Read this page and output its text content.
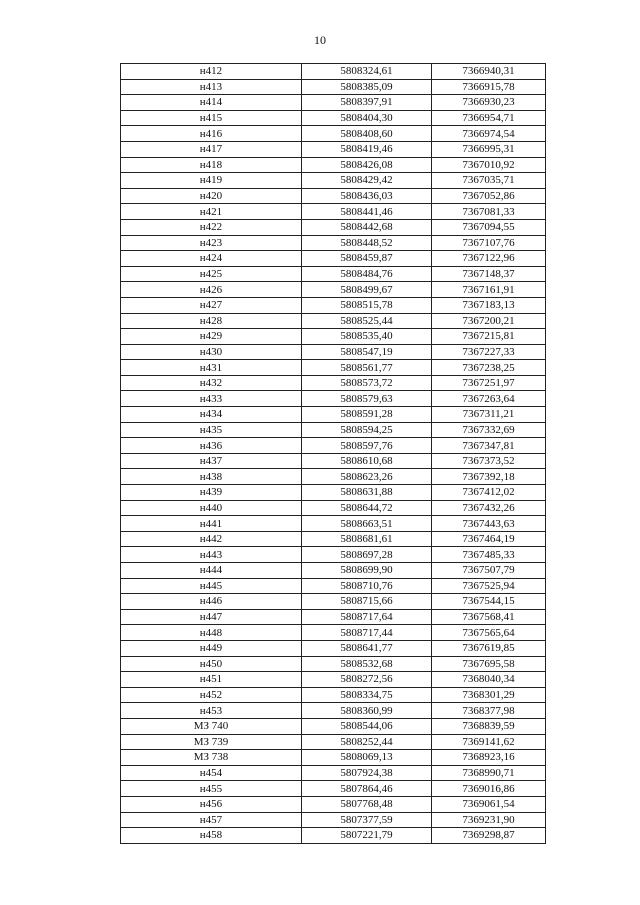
10
н412	5808324,61	7366940,31
н413	5808385,09	7366915,78
н414	5808397,91	7366930,23
н415	5808404,30	7366954,71
н416	5808408,60	7366974,54
н417	5808419,46	7366995,31
н418	5808426,08	7367010,92
н419	5808429,42	7367035,71
н420	5808436,03	7367052,86
н421	5808441,46	7367081,33
н422	5808442,68	7367094,55
н423	5808448,52	7367107,76
н424	5808459,87	7367122,96
н425	5808484,76	7367148,37
н426	5808499,67	7367161,91
н427	5808515,78	7367183,13
н428	5808525,44	7367200,21
н429	5808535,40	7367215,81
н430	5808547,19	7367227,33
н431	5808561,77	7367238,25
н432	5808573,72	7367251,97
н433	5808579,63	7367263,64
н434	5808591,28	7367311,21
н435	5808594,25	7367332,69
н436	5808597,76	7367347,81
н437	5808610,68	7367373,52
н438	5808623,26	7367392,18
н439	5808631,88	7367412,02
н440	5808644,72	7367432,26
н441	5808663,51	7367443,63
н442	5808681,61	7367464,19
н443	5808697,28	7367485,33
н444	5808699,90	7367507,79
н445	5808710,76	7367525,94
н446	5808715,66	7367544,15
н447	5808717,64	7367568,41
н448	5808717,44	7367565,64
н449	5808641,77	7367619,85
н450	5808532,68	7367695,58
н451	5808272,56	7368040,34
н452	5808334,75	7368301,29
н453	5808360,99	7368377,98
МЗ 740	5808544,06	7368839,59
МЗ 739	5808252,44	7369141,62
МЗ 738	5808069,13	7368923,16
н454	5807924,38	7368990,71
н455	5807864,46	7369016,86
н456	5807768,48	7369061,54
н457	5807377,59	7369231,90
н458	5807221,79	7369298,87
